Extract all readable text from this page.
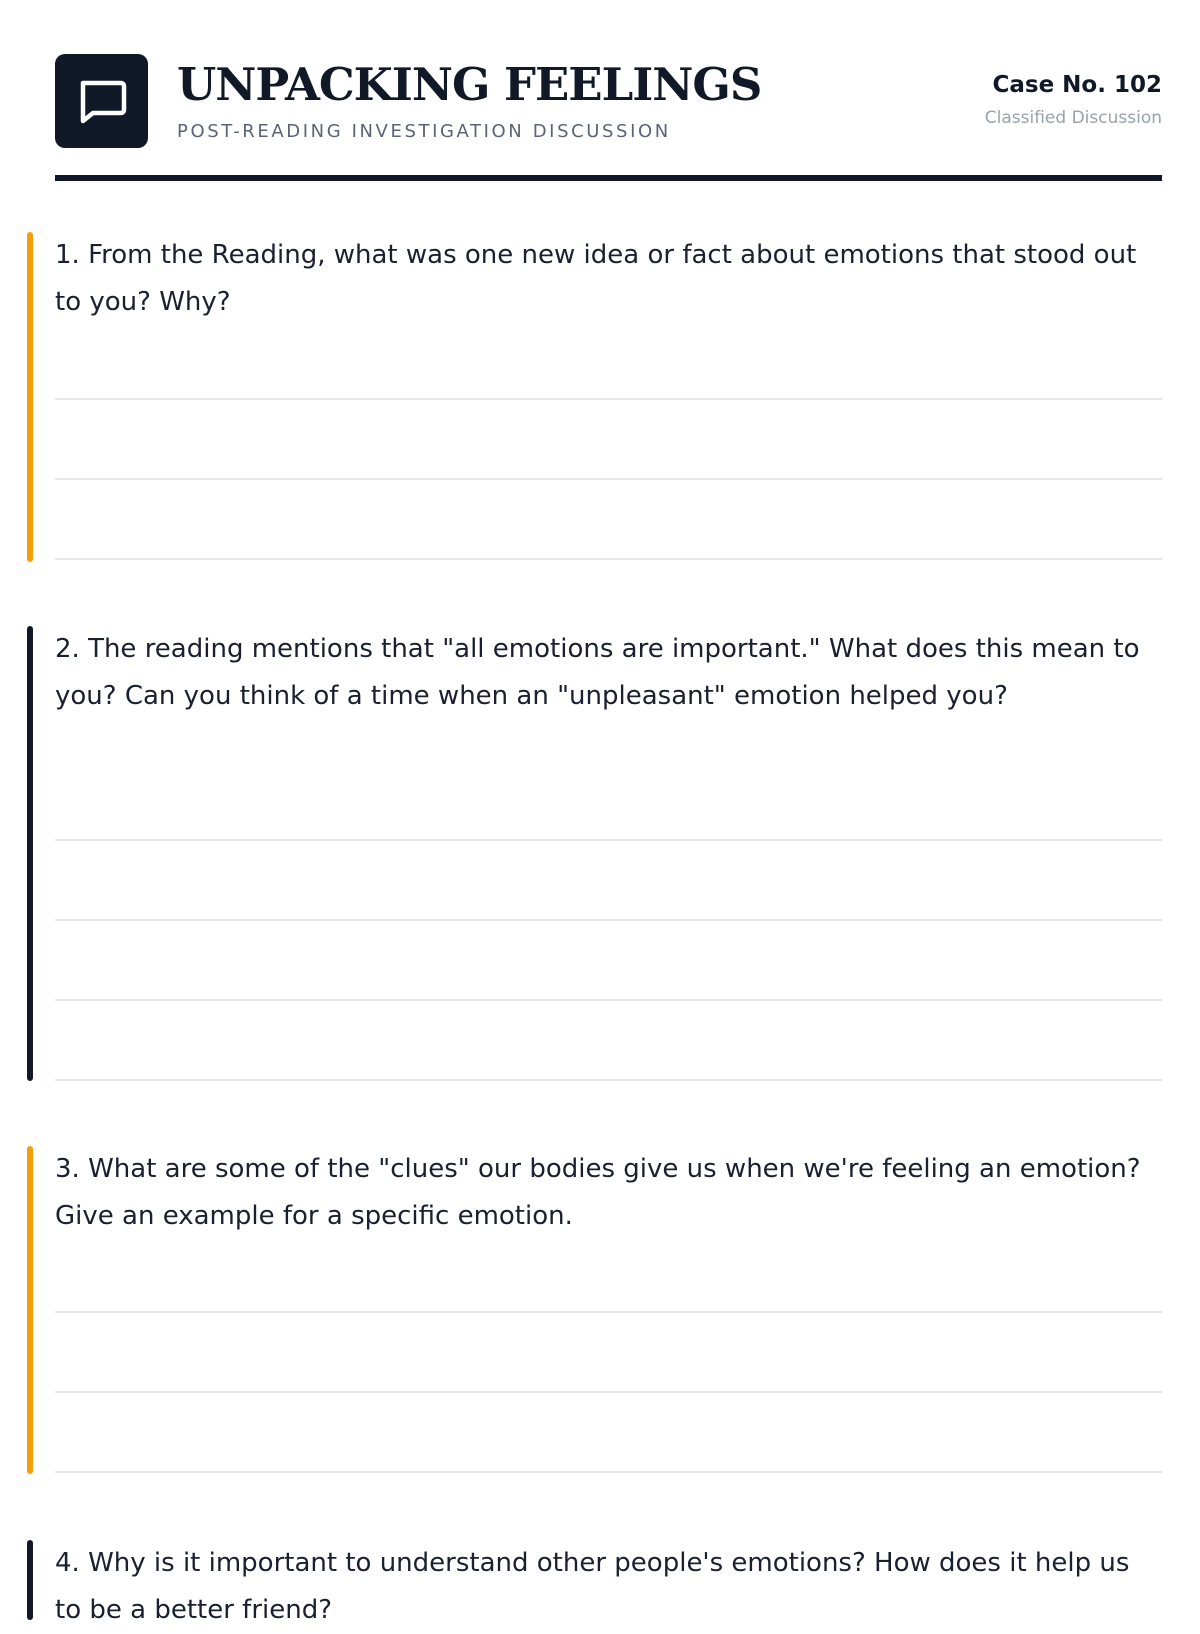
UNPACKING FEELINGS
POST-READING INVESTIGATION DISCUSSION
Case No. 102
Classified Discussion

1. From the Reading, what was one new idea or fact about emotions that stood out to you? Why?

2. The reading mentions that "all emotions are important." What does this mean to you? Can you think of a time when an "unpleasant" emotion helped you?

3. What are some of the "clues" our bodies give us when we're feeling an emotion? Give an example for a specific emotion.

4. Why is it important to understand other people's emotions? How does it help us to be a better friend?
